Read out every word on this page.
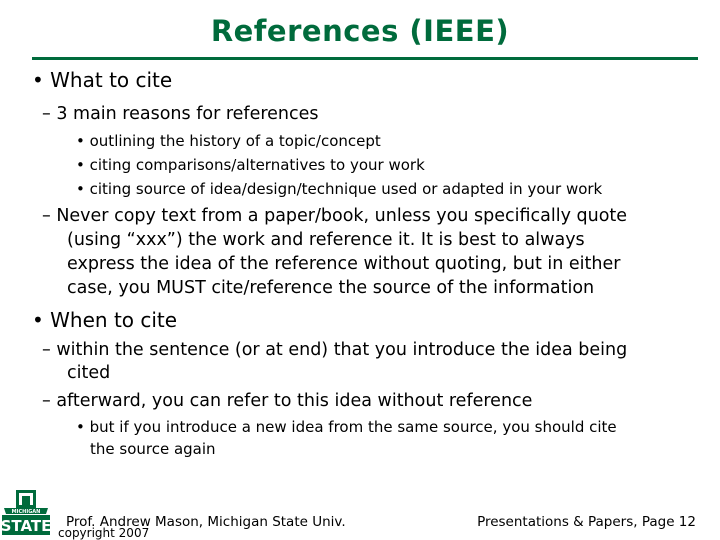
References (IEEE)
• What to cite
– 3 main reasons for references
• outlining the history of a topic/concept
• citing comparisons/alternatives to your work
• citing source of idea/design/technique used or adapted in your work
– Never copy text from a paper/book, unless you specifically quote
(using “xxx”) the work and reference it. It is best to always
express the idea of the reference without quoting, but in either
case, you MUST cite/reference the source of the information
• When to cite
– within the sentence (or at end) that you introduce the idea being
cited
– afterward, you can refer to this idea without reference
• but if you introduce a new idea from the same source, you should cite
the source again
MICHIGAN
STATE Prof. Andrew Mason, Michigan State Univ.
copyright 2007
Presentations & Papers, Page 12
